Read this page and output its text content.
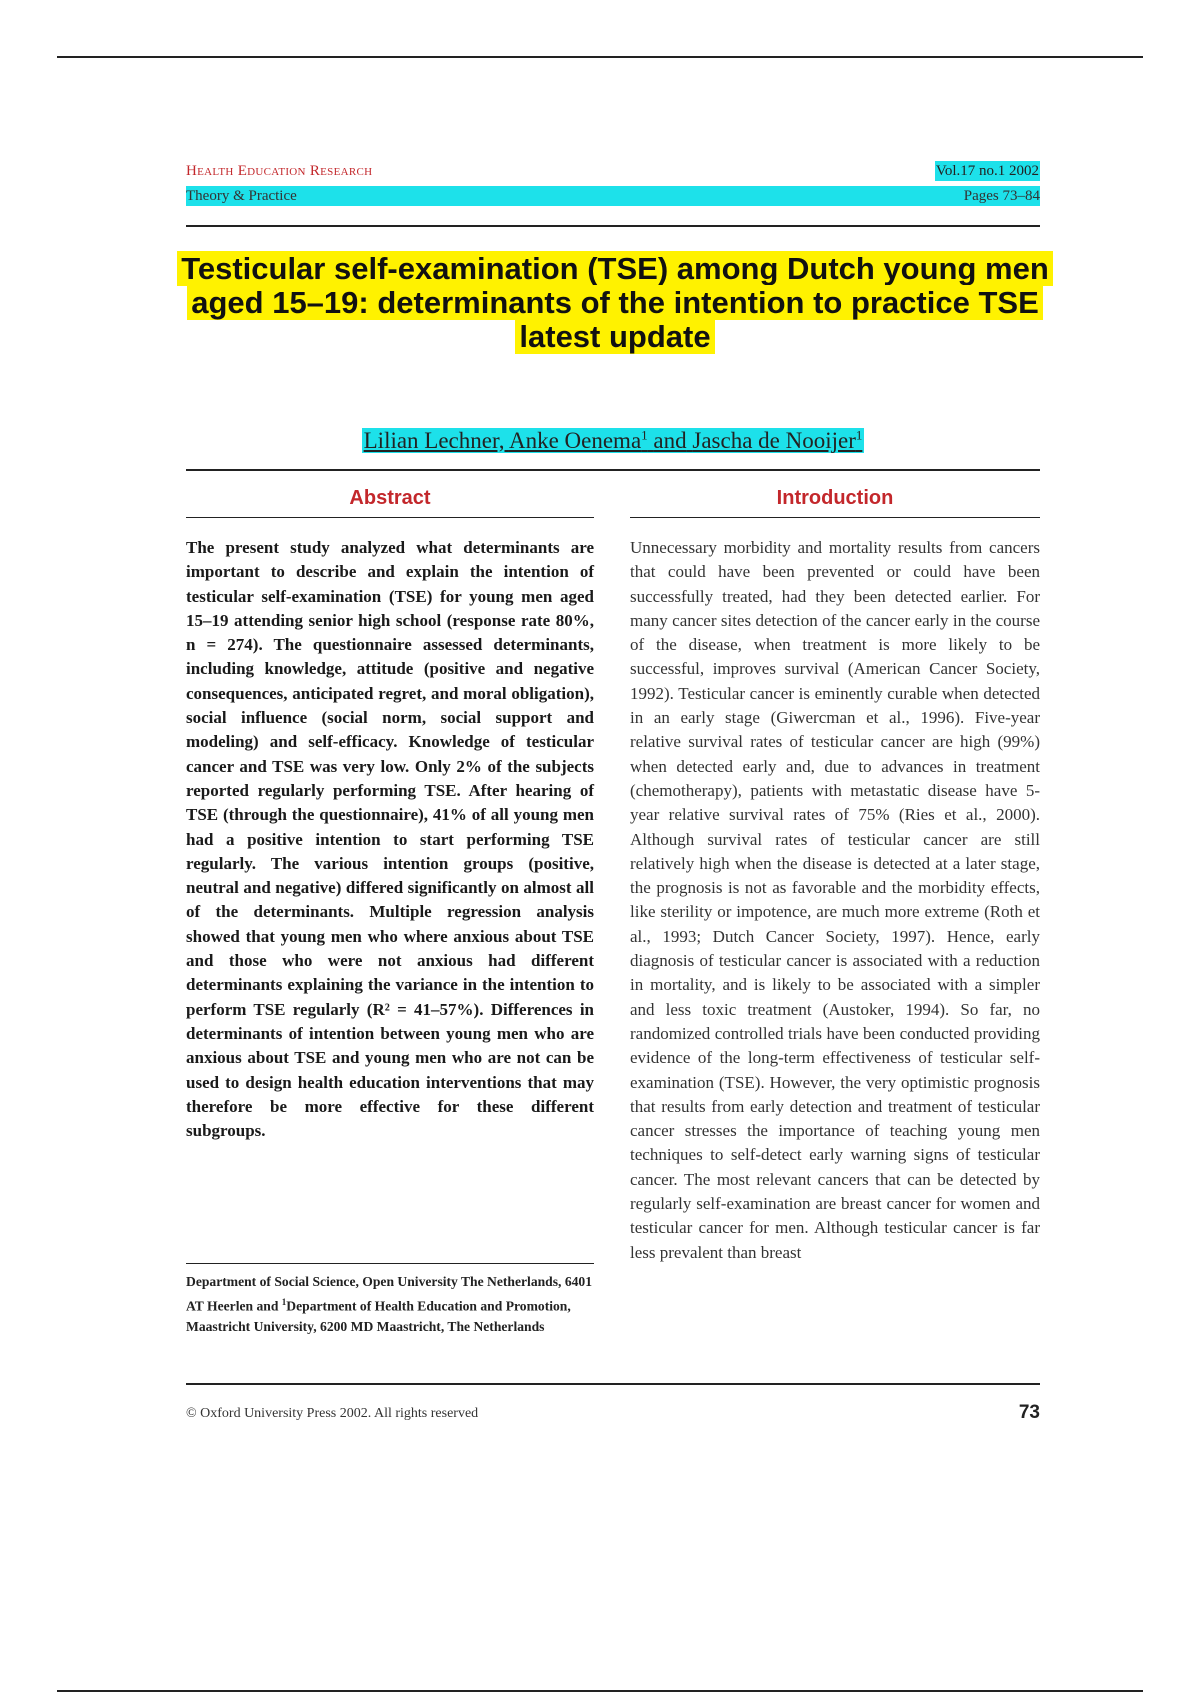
Health Education Research	Vol.17 no.1 2002
Theory & Practice	Pages 73–84
Testicular self-examination (TSE) among Dutch young men aged 15–19: determinants of the intention to practice TSE latest update
Lilian Lechner, Anke Oenema$^1$ and Jascha de Nooijer$^1$
Abstract	Introduction
The present study analyzed what determinants are important to describe and explain the intention of testicular self-examination (TSE) for young men aged 15–19 attending senior high school (response rate 80%, n = 274). The questionnaire assessed determinants, including knowledge, attitude (positive and negative consequences, anticipated regret, and moral obligation), social influence (social norm, social support and modeling) and self-efficacy. Knowledge of testicular cancer and TSE was very low. Only 2% of the subjects reported regularly performing TSE. After hearing of TSE (through the questionnaire), 41% of all young men had a positive intention to start performing TSE regularly. The various intention groups (positive, neutral and negative) differed significantly on almost all of the determinants. Multiple regression analysis showed that young men who where anxious about TSE and those who were not anxious had different determinants explaining the variance in the intention to perform TSE regularly (R² = 41–57%). Differences in determinants of intention between young men who are anxious about TSE and young men who are not can be used to design health education interventions that may therefore be more effective for these different subgroups.
Unnecessary morbidity and mortality results from cancers that could have been prevented or could have been successfully treated, had they been detected earlier. For many cancer sites detection of the cancer early in the course of the disease, when treatment is more likely to be successful, improves survival (American Cancer Society, 1992). Testicular cancer is eminently curable when detected in an early stage (Giwercman et al., 1996). Five-year relative survival rates of testicular cancer are high (99%) when detected early and, due to advances in treatment (chemotherapy), patients with metastatic disease have 5-year relative survival rates of 75% (Ries et al., 2000). Although survival rates of testicular cancer are still relatively high when the disease is detected at a later stage, the prognosis is not as favorable and the morbidity effects, like sterility or impotence, are much more extreme (Roth et al., 1993; Dutch Cancer Society, 1997). Hence, early diagnosis of testicular cancer is associated with a reduction in mortality, and is likely to be associated with a simpler and less toxic treatment (Austoker, 1994). So far, no randomized controlled trials have been conducted providing evidence of the long-term effectiveness of testicular self-examination (TSE). However, the very optimistic prognosis that results from early detection and treatment of testicular cancer stresses the importance of teaching young men techniques to self-detect early warning signs of testicular cancer. The most relevant cancers that can be detected by regularly self-examination are breast cancer for women and testicular cancer for men. Although testicular cancer is far less prevalent than breast
Department of Social Science, Open University The Netherlands, 6401 AT Heerlen and $^1$Department of Health Education and Promotion, Maastricht University, 6200 MD Maastricht, The Netherlands
© Oxford University Press 2002. All rights reserved	73
